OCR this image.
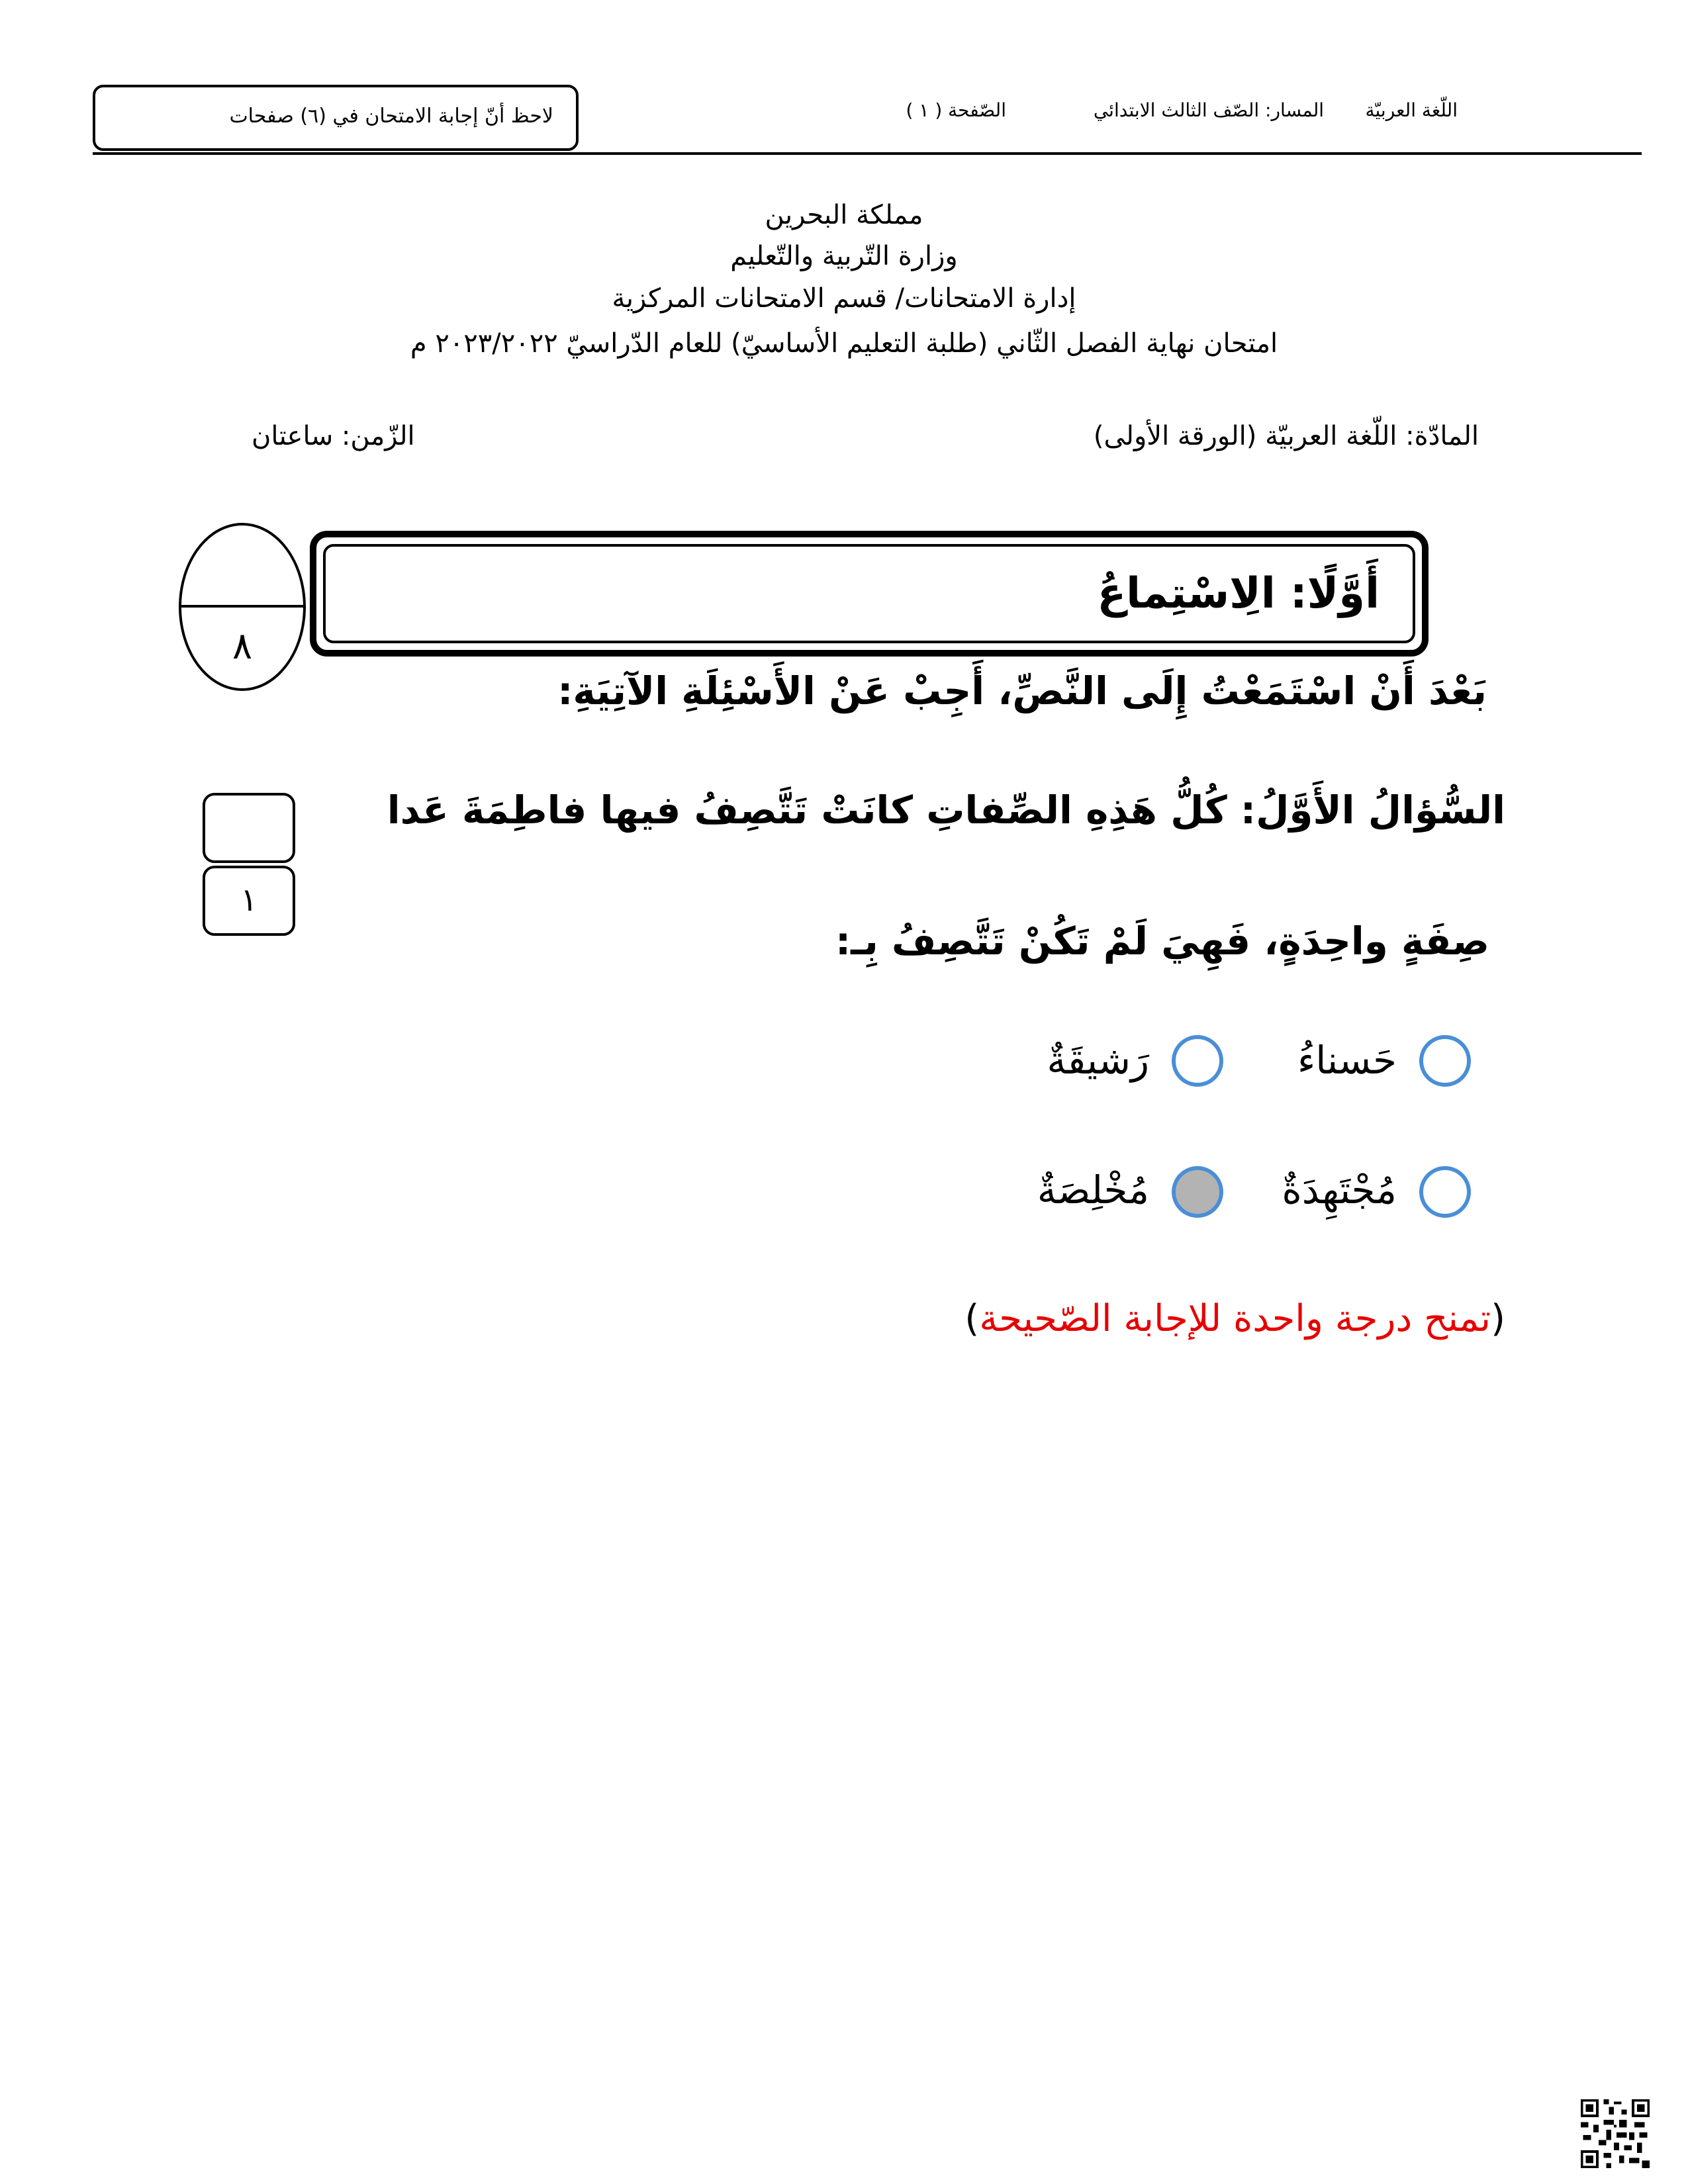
اللّغة العربيّة
المسار: الصّف الثالث الابتدائي
الصّفحة ( ١ )
لاحظ أنّ إجابة الامتحان في (٦) صفحات
مملكة البحرين
وزارة التّربية والتّعليم
إدارة الامتحانات/ قسم الامتحانات المركزية
امتحان نهاية الفصل الثّاني (طلبة التعليم الأساسيّ) للعام الدّراسيّ ٢٠٢٣/٢٠٢٢ م
المادّة: اللّغة العربيّة (الورقة الأولى)
الزّمن: ساعتان
أَوَّلًا: الِاسْتِماعُ
٨
بَعْدَ أَنْ اسْتَمَعْتُ إِلَى النَّصِّ، أَجِبْ عَنْ الأَسْئِلَةِ الآتِيَةِ:
١
السُّؤالُ الأَوَّلُ: كُلُّ هَذِهِ الصِّفاتِ كانَتْ تَتَّصِفُ فيها فاطِمَةَ عَدا
صِفَةٍ واحِدَةٍ، فَهِيَ لَمْ تَكُنْ تَتَّصِفُ بِـ:
حَسناءُ
رَشيقَةٌ
مُجْتَهِدَةٌ
مُخْلِصَةٌ
(تمنح درجة واحدة للإجابة الصّحيحة)
